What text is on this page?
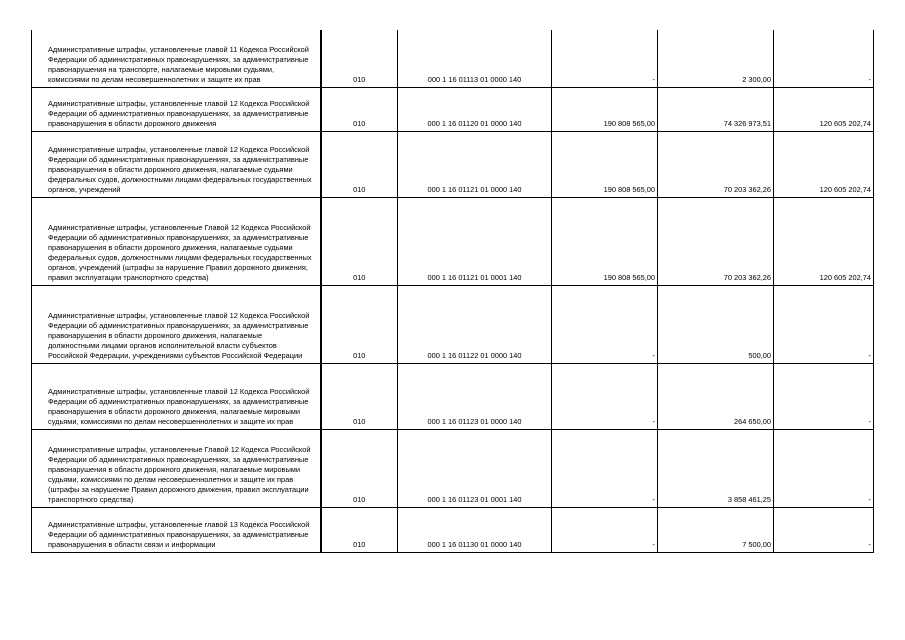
Административные штрафы, установленные главой 11 Кодекса Российской Федерации об административных правонарушениях, за административные правонарушения на транспорте, налагаемые мировыми судьями, комиссиями по делам несовершеннолетних и защите их прав	010	000 1 16 01113 01 0000 140	-	2 300,00	-

Административные штрафы, установленные главой 12 Кодекса Российской Федерации об административных правонарушениях, за административные правонарушения в области дорожного движения	010	000 1 16 01120 01 0000 140	190 808 565,00	74 326 973,51	120 605 202,74

Административные штрафы, установленные главой 12 Кодекса Российской Федерации об административных правонарушениях, за административные правонарушения в области дорожного движения, налагаемые судьями федеральных судов, должностными лицами федеральных государственных органов, учреждений	010	000 1 16 01121 01 0000 140	190 808 565,00	70 203 362,26	120 605 202,74

Административные штрафы, установленные Главой 12 Кодекса Российской Федерации об административных правонарушениях, за административные правонарушения в области дорожного движения, налагаемые судьями федеральных судов, должностными лицами федеральных государственных органов, учреждений (штрафы за нарушение Правил дорожного движения, правил эксплуатации транспортного средства)	010	000 1 16 01121 01 0001 140	190 808 565,00	70 203 362,26	120 605 202,74

Административные штрафы, установленные главой 12 Кодекса Российской Федерации об административных правонарушениях, за административные правонарушения в области дорожного движения, налагаемые должностными лицами органов исполнительной власти субъектов Российской Федерации, учреждениями субъектов Российской Федерации	010	000 1 16 01122 01 0000 140	-	500,00	-

Административные штрафы, установленные главой 12 Кодекса Российской Федерации об административных правонарушениях, за административные правонарушения в области дорожного движения, налагаемые мировыми судьями, комиссиями по делам несовершеннолетних и защите их прав	010	000 1 16 01123 01 0000 140	-	264 650,00	-

Административные штрафы, установленные Главой 12 Кодекса Российской Федерации об административных правонарушениях, за административные правонарушения в области дорожного движения, налагаемые мировыми судьями, комиссиями по делам несовершеннолетних и защите их прав (штрафы за нарушение Правил дорожного движения, правил эксплуатации транспортного средства)	010	000 1 16 01123 01 0001 140	-	3 858 461,25	-

Административные штрафы, установленные главой 13 Кодекса Российской Федерации об административных правонарушениях, за административные правонарушения в области связи и информации	010	000 1 16 01130 01 0000 140	-	7 500,00	-
